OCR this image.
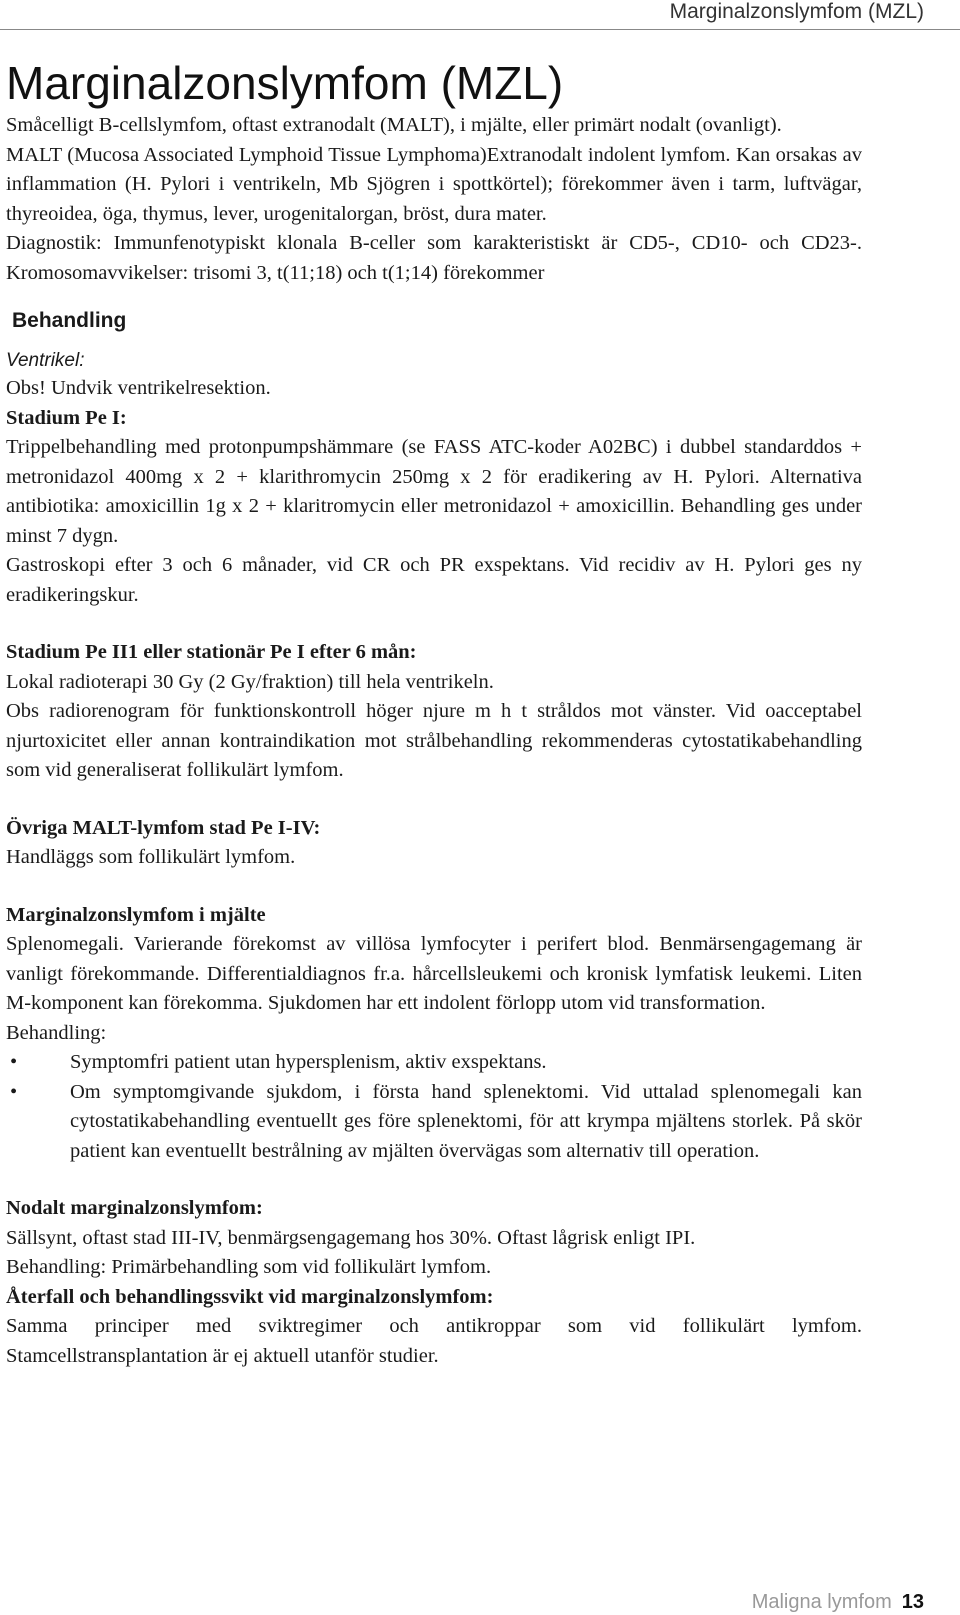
Marginalzonslymfom (MZL)
Marginalzonslymfom (MZL)

Småcelligt B-cellslymfom, oftast extranodalt (MALT), i mjälte, eller primärt nodalt (ovanligt).

MALT (Mucosa Associated Lymphoid Tissue Lymphoma)Extranodalt indolent lymfom. Kan orsakas av inflammation (H. Pylori i ventrikeln, Mb Sjögren i spottkörtel); förekommer även i tarm, luftvägar, thyreoidea, öga, thymus, lever, urogenitalorgan, bröst, dura mater.

Diagnostik: Immunfenotypiskt klonala B-celler som karakteristiskt är CD5-, CD10- och CD23-. Kromosomavvikelser: trisomi 3, t(11;18) och t(1;14) förekommer

Behandling
Ventrikel:

Obs! Undvik ventrikelresektion.

Stadium Pe I:

Trippelbehandling med protonpumpshämmare (se FASS ATC-koder A02BC) i dubbel standarddos + metronidazol 400mg x 2 + klarithromycin 250mg x 2 för eradikering av H. Pylori. Alternativa antibiotika: amoxicillin 1g x 2 + klaritromycin eller metronidazol + amoxicillin. Behandling ges under minst 7 dygn.

Gastroskopi efter 3 och 6 månader, vid CR och PR exspektans. Vid recidiv av H. Pylori ges ny eradikeringskur.

Stadium Pe II1 eller stationär Pe I efter 6 mån:

Lokal radioterapi 30 Gy (2 Gy/fraktion) till hela ventrikeln.

Obs radiorenogram för funktionskontroll höger njure m h t stråldos mot vänster. Vid oacceptabel njurtoxicitet eller annan kontraindikation mot strålbehandling rekommenderas cytostatikabehandling som vid generaliserat follikulärt lymfom.

Övriga MALT-lymfom stad Pe I-IV:

Handläggs som follikulärt lymfom.

Marginalzonslymfom i mjälte

Splenomegali. Varierande förekomst av villösa lymfocyter i perifert blod. Benmärsengagemang är vanligt förekommande. Differentialdiagnos fr.a. hårcellsleukemi och kronisk lymfatisk leukemi. Liten M-komponent kan förekomma. Sjukdomen har ett indolent förlopp utom vid transformation.

Behandling:

•	Symptomfri patient utan hypersplenism, aktiv exspektans.
•	Om symptomgivande sjukdom, i första hand splenektomi. Vid uttalad splenomegali kan cytostatikabehandling eventuellt ges före splenektomi, för att krympa mjältens storlek. På skör patient kan eventuellt bestrålning av mjälten övervägas som alternativ till operation.
Nodalt marginalzonslymfom:

Sällsynt, oftast stad III-IV, benmärgsengagemang hos 30%. Oftast lågrisk enligt IPI.

Behandling: Primärbehandling som vid follikulärt lymfom.

Återfall och behandlingssvikt vid marginalzonslymfom:

Samma principer med sviktregimer och antikroppar som vid follikulärt lymfom. Stamcellstransplantation är ej aktuell utanför studier.

Maligna lymfom 13
